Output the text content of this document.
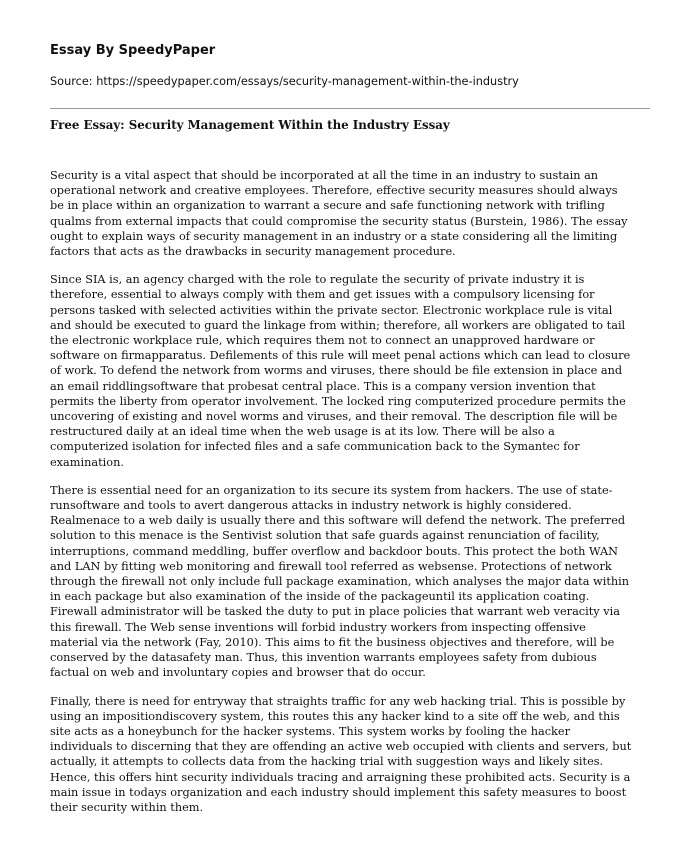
Essay By SpeedyPaper
Source: https://speedypaper.com/essays/security-management-within-the-industry
Free Essay: Security Management Within the Industry Essay

Security is a vital aspect that should be incorporated at all the time in an industry to sustain an
operational network and creative employees. Therefore, effective security measures should always
be in place within an organization to warrant a secure and safe functioning network with trifling
qualms from external impacts that could compromise the security status (Burstein, 1986). The essay
ought to explain ways of security management in an industry or a state considering all the limiting
factors that acts as the drawbacks in security management procedure.

Since SIA is, an agency charged with the role to regulate the security of private industry it is
therefore, essential to always comply with them and get issues with a compulsory licensing for
persons tasked with selected activities within the private sector. Electronic workplace rule is vital
and should be executed to guard the linkage from within; therefore, all workers are obligated to tail
the electronic workplace rule, which requires them not to connect an unapproved hardware or
software on firmapparatus. Defilements of this rule will meet penal actions which can lead to closure
of work. To defend the network from worms and viruses, there should be file extension in place and
an email riddlingsoftware that probesat central place. This is a company version invention that
permits the liberty from operator involvement. The locked ring computerized procedure permits the
uncovering of existing and novel worms and viruses, and their removal. The description file will be
restructured daily at an ideal time when the web usage is at its low. There will be also a
computerized isolation for infected files and a safe communication back to the Symantec for
examination.

There is essential need for an organization to its secure its system from hackers. The use of state-
runsoftware and tools to avert dangerous attacks in industry network is highly considered.
Realmenace to a web daily is usually there and this software will defend the network. The preferred
solution to this menace is the Sentivist solution that safe guards against renunciation of facility,
interruptions, command meddling, buffer overflow and backdoor bouts. This protect the both WAN
and LAN by fitting web monitoring and firewall tool referred as websense. Protections of network
through the firewall not only include full package examination, which analyses the major data within
in each package but also examination of the inside of the packageuntil its application coating.
Firewall administrator will be tasked the duty to put in place policies that warrant web veracity via
this firewall. The Web sense inventions will forbid industry workers from inspecting offensive
material via the network (Fay, 2010). This aims to fit the business objectives and therefore, will be
conserved by the datasafety man. Thus, this invention warrants employees safety from dubious
factual on web and involuntary copies and browser that do occur.

Finally, there is need for entryway that straights traffic for any web hacking trial. This is possible by
using an impositiondiscovery system, this routes this any hacker kind to a site off the web, and this
site acts as a honeybunch for the hacker systems. This system works by fooling the hacker
individuals to discerning that they are offending an active web occupied with clients and servers, but
actually, it attempts to collects data from the hacking trial with suggestion ways and likely sites.
Hence, this offers hint security individuals tracing and arraigning these prohibited acts. Security is a
main issue in todays organization and each industry should implement this safety measures to boost
their security within them.
